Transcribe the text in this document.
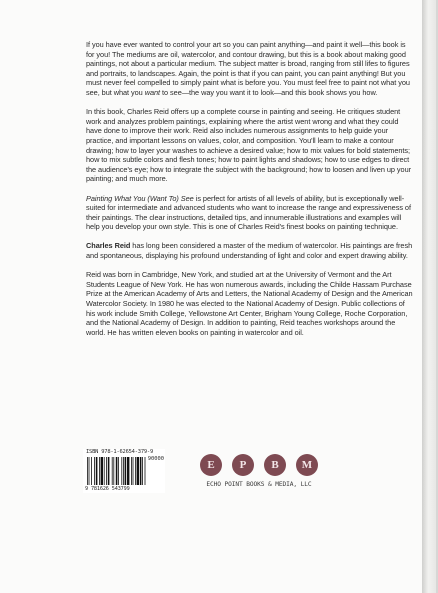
If you have ever wanted to control your art so you can paint anything—and paint it well—this book is for you! The mediums are oil, watercolor, and contour drawing, but this is a book about making good paintings, not about a particular medium. The subject matter is broad, ranging from still lifes to figures and portraits, to landscapes. Again, the point is that if you can paint, you can paint anything! But you must never feel compelled to simply paint what is before you. You must feel free to paint not what you see, but what you want to see—the way you want it to look—and this book shows you how.

In this book, Charles Reid offers up a complete course in painting and seeing. He critiques student work and analyzes problem paintings, explaining where the artist went wrong and what they could have done to improve their work. Reid also includes numerous assignments to help guide your practice, and important lessons on values, color, and composition. You'll learn to make a contour drawing; how to layer your washes to achieve a desired value; how to mix values for bold statements; how to mix subtle colors and flesh tones; how to paint lights and shadows; how to use edges to direct the audience's eye; how to integrate the subject with the background; how to loosen and liven up your painting; and much more.

Painting What You (Want To) See is perfect for artists of all levels of ability, but is exceptionally well-suited for intermediate and advanced students who want to increase the range and expressiveness of their paintings. The clear instructions, detailed tips, and innumerable illustrations and examples will help you develop your own style. This is one of Charles Reid's finest books on painting technique.

Charles Reid has long been considered a master of the medium of watercolor. His paintings are fresh and spontaneous, displaying his profound understanding of light and color and expert drawing ability.

Reid was born in Cambridge, New York, and studied art at the University of Vermont and the Art Students League of New York. He has won numerous awards, including the Childe Hassam Purchase Prize at the American Academy of Arts and Letters, the National Academy of Design and the American Watercolor Society. In 1980 he was elected to the National Academy of Design. Public collections of his work include Smith College, Yellowstone Art Center, Brigham Young College, Roche Corporation, and the National Academy of Design. In addition to painting, Reid teaches workshops around the world. He has written eleven books on painting in watercolor and oil.

ISBN 978-1-62654-379-9
90000
9 781626 543799
E	P	B	M
ECHO POINT BOOKS & MEDIA, LLC
